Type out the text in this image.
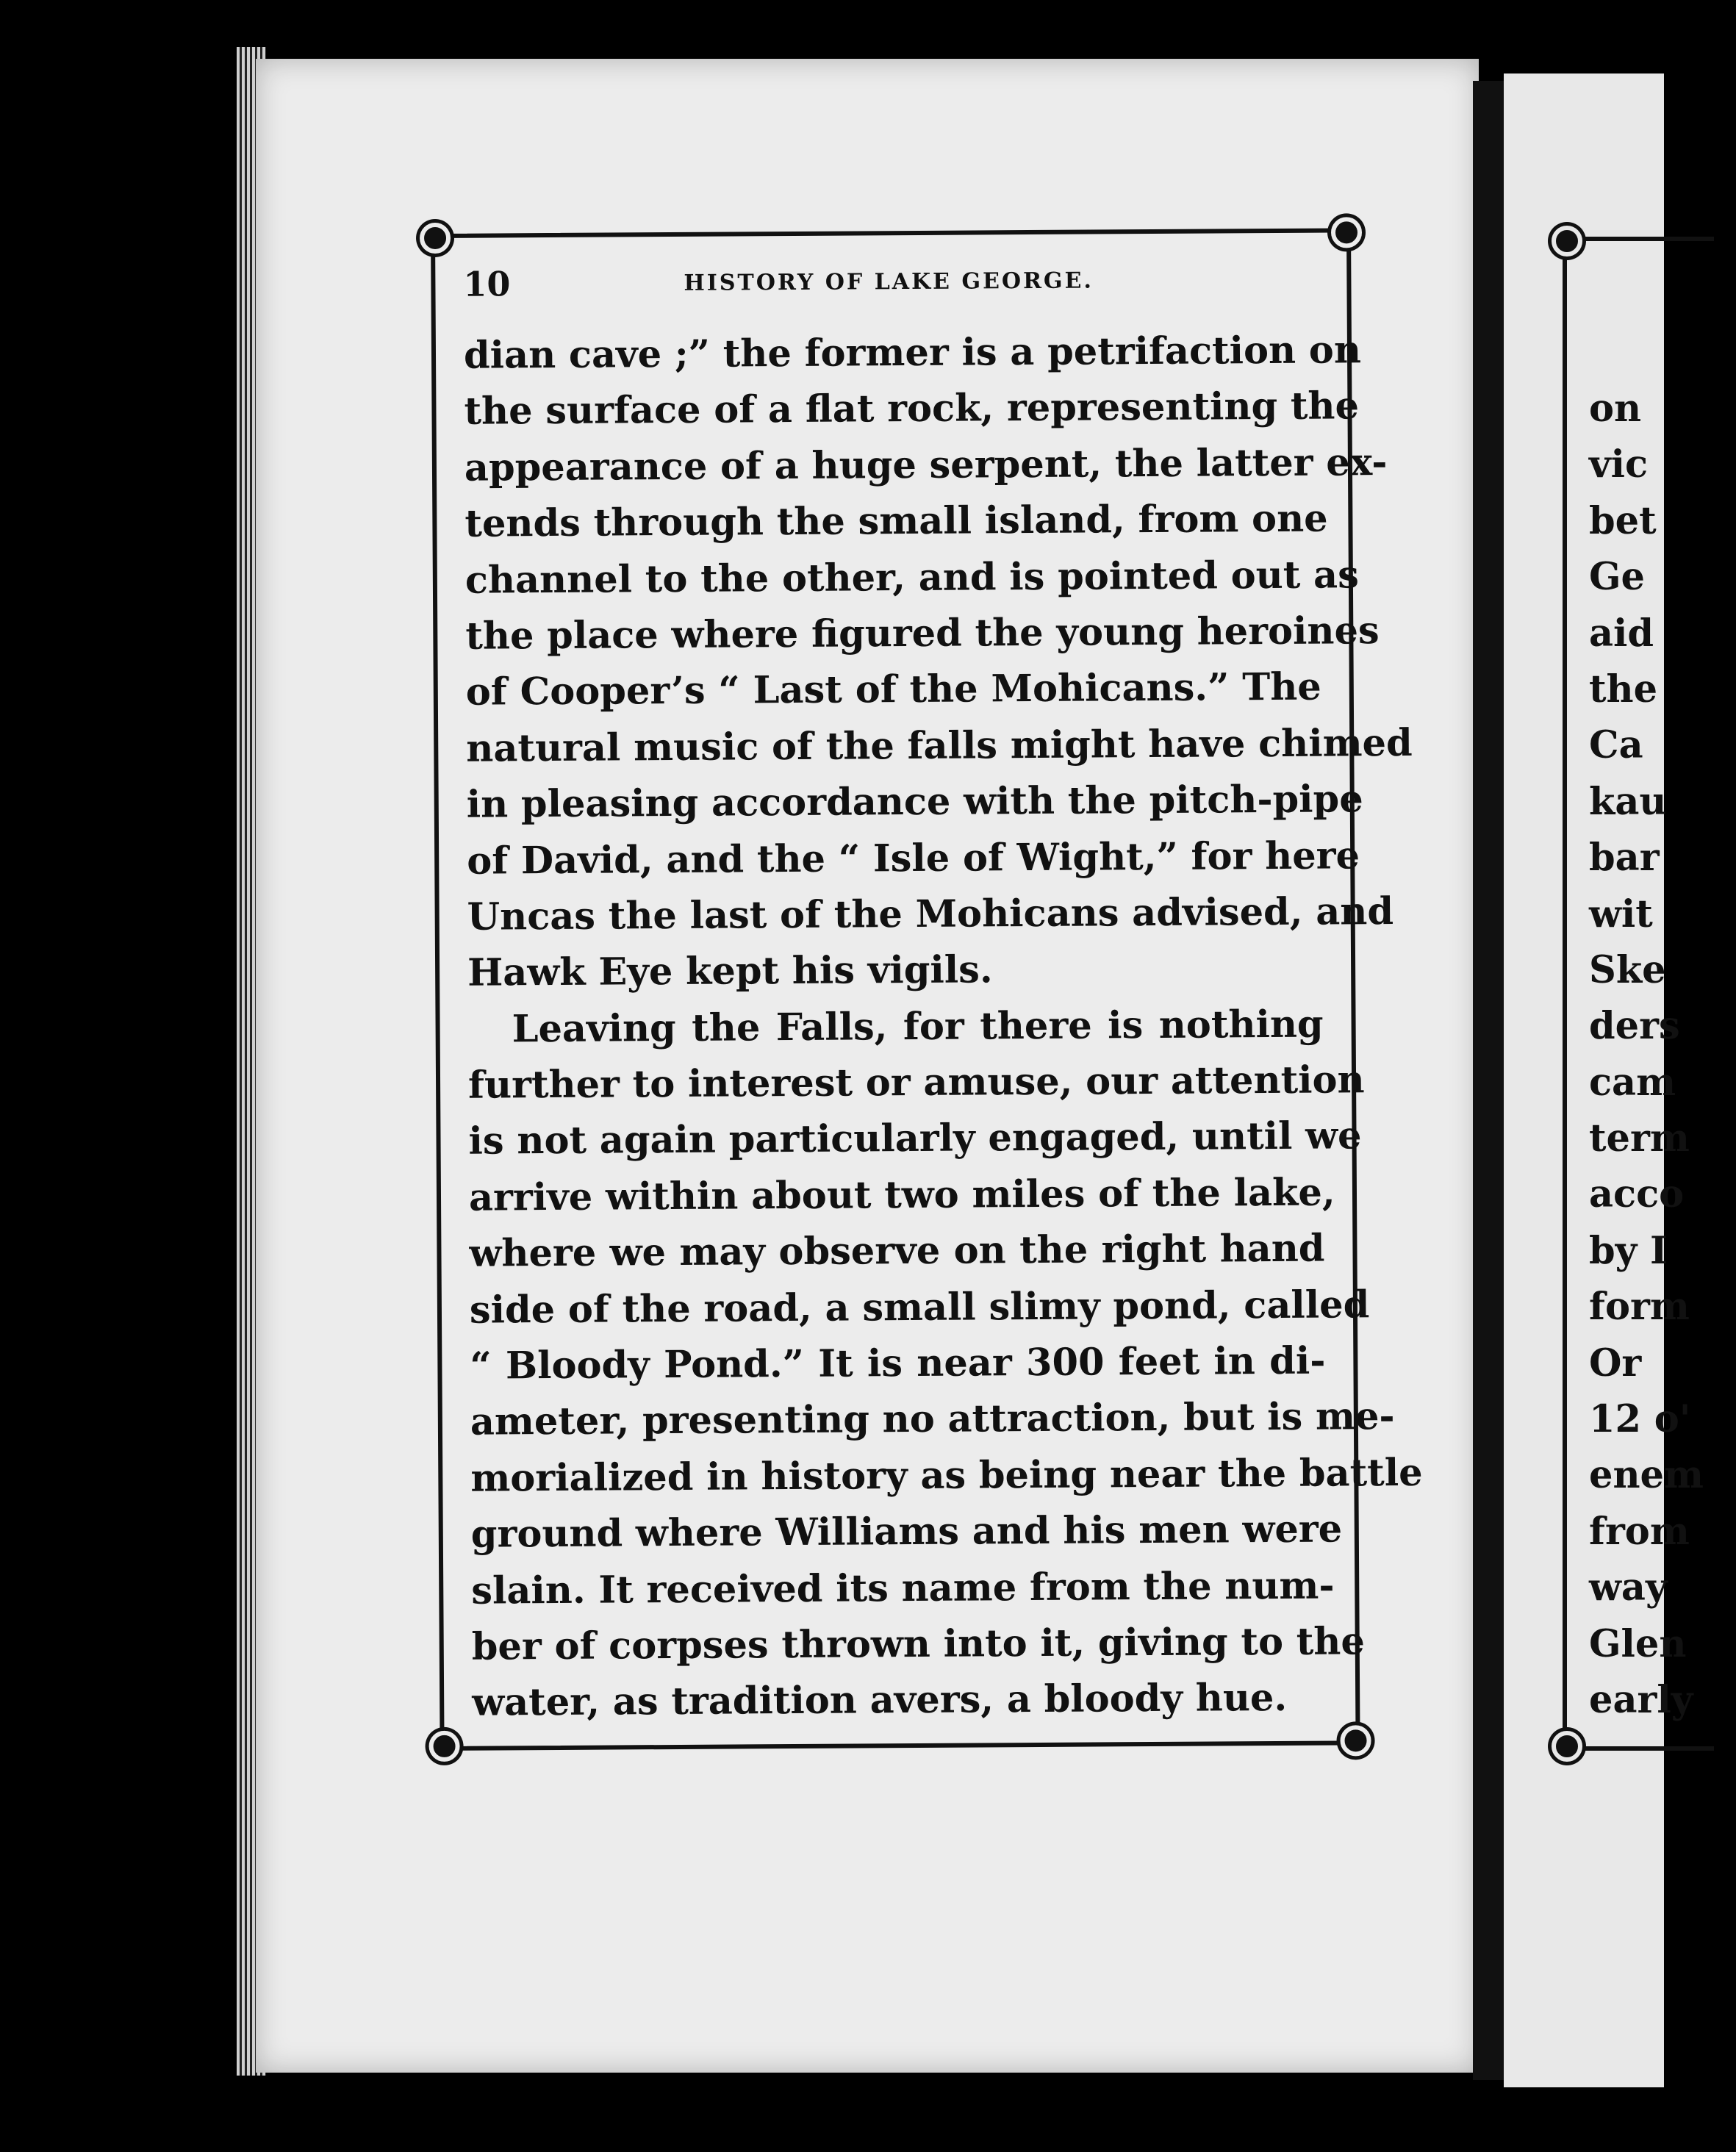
10	HISTORY OF LAKE GEORGE.
dian cave ;” the former is a petrifaction on
the surface of a flat rock, representing the
appearance of a huge serpent, the latter ex-
tends through the small island, from one
channel to the other, and is pointed out as
the place where figured the young heroines
of Cooper’s “ Last of the Mohicans.” The
natural music of the falls might have chimed
in pleasing accordance with the pitch-pipe
of David, and the “ Isle of Wight,” for here
Uncas the last of the Mohicans advised, and
Hawk Eye kept his vigils.
Leaving the Falls, for there is nothing
further to interest or amuse, our attention
is not again particularly engaged, until we
arrive within about two miles of the lake,
where we may observe on the right hand
side of the road, a small slimy pond, called
“ Bloody Pond.” It is near 300 feet in di-
ameter, presenting no attraction, but is me-
morialized in history as being near the battle
ground where Williams and his men were
slain. It received its name from the num-
ber of corpses thrown into it, giving to the
water, as tradition avers, a bloody hue.
on
vic
bet
Ge
aid
the
Ca
kau
bar
wit
Ske
ders
cam
term
acco
by I
form
Or
12 o'
enem
from
way
Glen
early
